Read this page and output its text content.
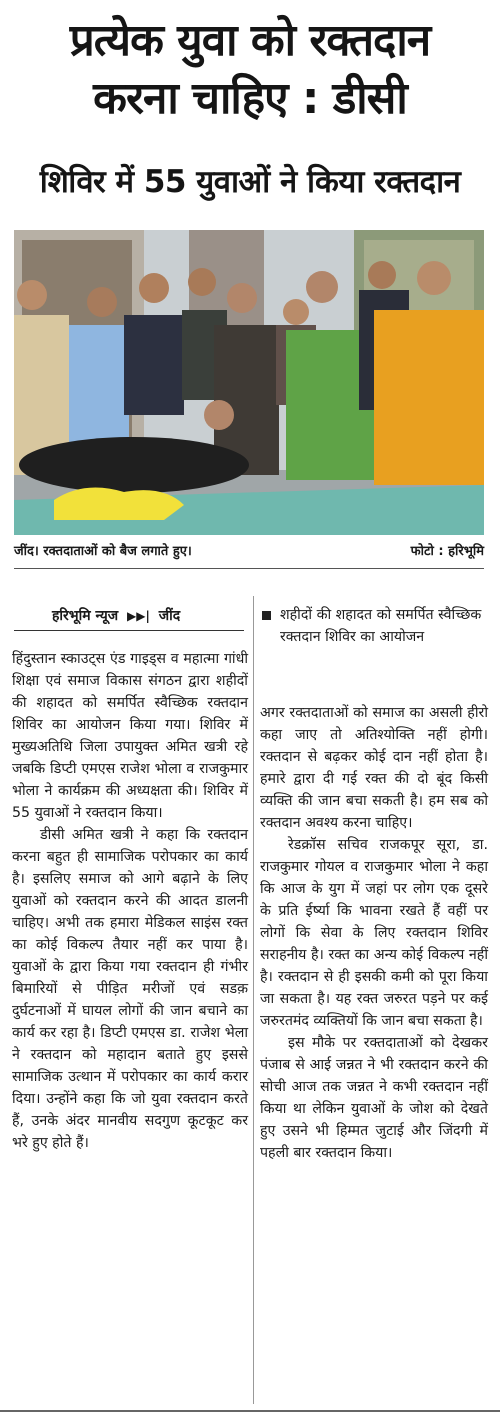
प्रत्येक युवा को रक्तदान
करना चाहिए : डीसी
शिविर में 55 युवाओं ने किया रक्तदान
जींद। रक्तदाताओं को बैज लगाते हुए।	फोटो : हरिभूमि
हरिभूमि न्यूज ▶▶| जींद	शहीदों की शहादत को समर्पित स्वैच्छिक रक्तदान शिविर का आयोजन

हिंदुस्तान स्काउट्स एंड गाइड्स व महात्मा गांधी शिक्षा एवं समाज विकास संगठन द्वारा शहीदों की शहादत को समर्पित स्वैच्छिक रक्तदान शिविर का आयोजन किया गया। शिविर में मुख्यअतिथि जिला उपायुक्त अमित खत्री रहे जबकि डिप्टी एमएस राजेश भोला व राजकुमार भोला ने कार्यक्रम की अध्यक्षता की। शिविर में 55 युवाओं ने रक्तदान किया।

डीसी अमित खत्री ने कहा कि रक्तदान करना बहुत ही सामाजिक परोपकार का कार्य है। इसलिए समाज को आगे बढ़ाने के लिए युवाओं को रक्तदान करने की आदत डालनी चाहिए। अभी तक हमारा मेडिकल साइंस रक्त का कोई विकल्प तैयार नहीं कर पाया है। युवाओं के द्वारा किया गया रक्तदान ही गंभीर बिमारियों से पीड़ित मरीजों एवं सडक़ दुर्घटनाओं में घायल लोगों की जान बचाने का कार्य कर रहा है। डिप्टी एमएस डा. राजेश भेला ने रक्तदान को महादान बताते हुए इससे सामाजिक उत्थान में परोपकार का कार्य करार दिया। उन्होंने कहा कि जो युवा रक्तदान करते हैं, उनके अंदर मानवीय सदगुण कूटकूट कर भरे हुए होते हैं।

अगर रक्तदाताओं को समाज का असली हीरो कहा जाए तो अतिश्योक्ति नहीं होगी। रक्तदान से बढ़कर कोई दान नहीं होता है। हमारे द्वारा दी गई रक्त की दो बूंद किसी व्यक्ति की जान बचा सकती है। हम सब को रक्तदान अवश्य करना चाहिए।

रेडक्रॉस सचिव राजकपूर सूरा, डा. राजकुमार गोयल व राजकुमार भोला ने कहा कि आज के युग में जहां पर लोग एक दूसरे के प्रति ईर्ष्या कि भावना रखते हैं वहीं पर लोगों कि सेवा के लिए रक्तदान शिविर सराहनीय है। रक्त का अन्य कोई विकल्प नहीं है। रक्तदान से ही इसकी कमी को पूरा किया जा सकता है। यह रक्त जरुरत पड़ने पर कई जरुरतमंद व्यक्तियों कि जान बचा सकता है।

इस मौके पर रक्तदाताओं को देखकर पंजाब से आई जन्नत ने भी रक्तदान करने की सोची आज तक जन्नत ने कभी रक्तदान नहीं किया था लेकिन युवाओं के जोश को देखते हुए उसने भी हिम्मत जुटाई और जिंदगी में पहली बार रक्तदान किया।
